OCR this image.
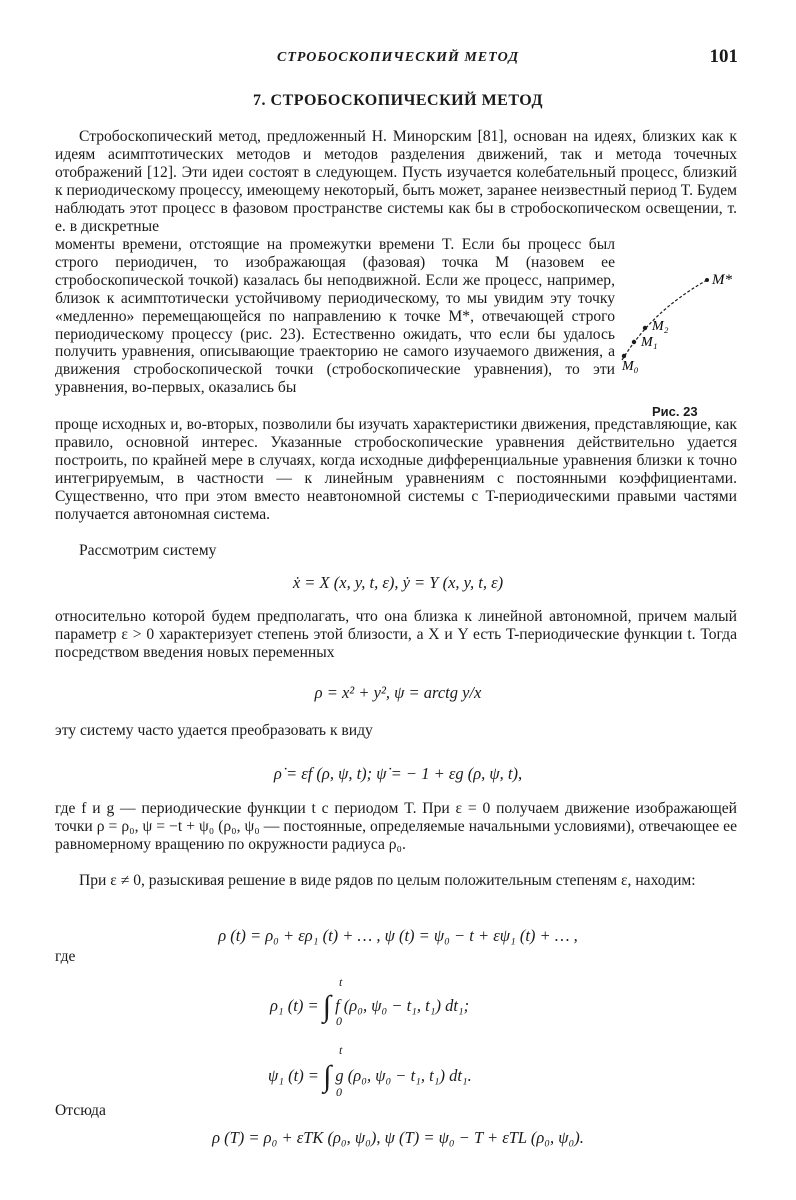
СТРОБОСКОПИЧЕСКИЙ МЕТОД	101
7. СТРОБОСКОПИЧЕСКИЙ МЕТОД

Стробоскопический метод, предложенный Н. Минорским [81], основан на идеях, близких как к идеям асимптотических методов и методов разделения движений, так и метода точечных отображений [12]. Эти идеи состоят в следующем. Пусть изучается колебательный процесс, близкий к периодическому процессу, имеющему некоторый, быть может, заранее неизвестный период T. Будем наблюдать этот процесс в фазовом пространстве системы как бы в стробоскопическом освещении, т. е. в дискретные

моменты времени, отстоящие на промежутки времени T. Если бы процесс был строго периодичен, то изображающая (фазовая) точка M (назовем ее стробоскопической точкой) казалась бы неподвижной. Если же процесс, например, близок к асимптотически устойчивому периодическому, то мы увидим эту точку «медленно» перемещающейся по направлению к точке M*, отвечающей строго периодическому процессу (рис. 23). Естественно ожидать, что если бы удалось получить уравнения, описывающие траекторию не самого изучаемого движения, а движения стробоскопической точки (стробоскопические уравнения), то эти уравнения, во-первых, оказались бы

M*
M₂
M₁
M₀
Рис. 23

проще исходных и, во-вторых, позволили бы изучать характеристики движения, представляющие, как правило, основной интерес. Указанные стробоскопические уравнения действительно удается построить, по крайней мере в случаях, когда исходные дифференциальные уравнения близки к точно интегрируемым, в частности — к линейным уравнениям с постоянными коэффициентами. Существенно, что при этом вместо неавтономной системы с T-периодическими правыми частями получается автономная система.

Рассмотрим систему

ẋ = X (x, y, t, ε), ẏ = Y (x, y, t, ε)

относительно которой будем предполагать, что она близка к линейной автономной, причем малый параметр ε > 0 характеризует степень этой близости, а X и Y есть T-периодические функции t. Тогда посредством введения новых переменных

ρ = x² + y², ψ = arctg y/x

эту систему часто удается преобразовать к виду

ρ̇ = εf (ρ, ψ, t); ψ̇ = − 1 + εg (ρ, ψ, t),

где f и g — периодические функции t с периодом T. При ε = 0 получаем движение изображающей точки ρ = ρ₀, ψ = −t + ψ₀ (ρ₀, ψ₀ — постоянные, определяемые начальными условиями), отвечающее ее равномерному вращению по окружности радиуса ρ₀.

При ε ≠ 0, разыскивая решение в виде рядов по целым положительным степеням ε, находим:

ρ (t) = ρ₀ + ερ₁ (t) + … , ψ (t) = ψ₀ − t + εψ₁ (t) + … ,
где
ρ₁ (t) = ∫ f (ρ₀, ψ₀ − t₁, t₁) dt₁;
t
0
ψ₁ (t) = ∫ g (ρ₀, ψ₀ − t₁, t₁) dt₁.
t
0
Отсюда
ρ (T) = ρ₀ + εTK (ρ₀, ψ₀), ψ (T) = ψ₀ − T + εTL (ρ₀, ψ₀).
